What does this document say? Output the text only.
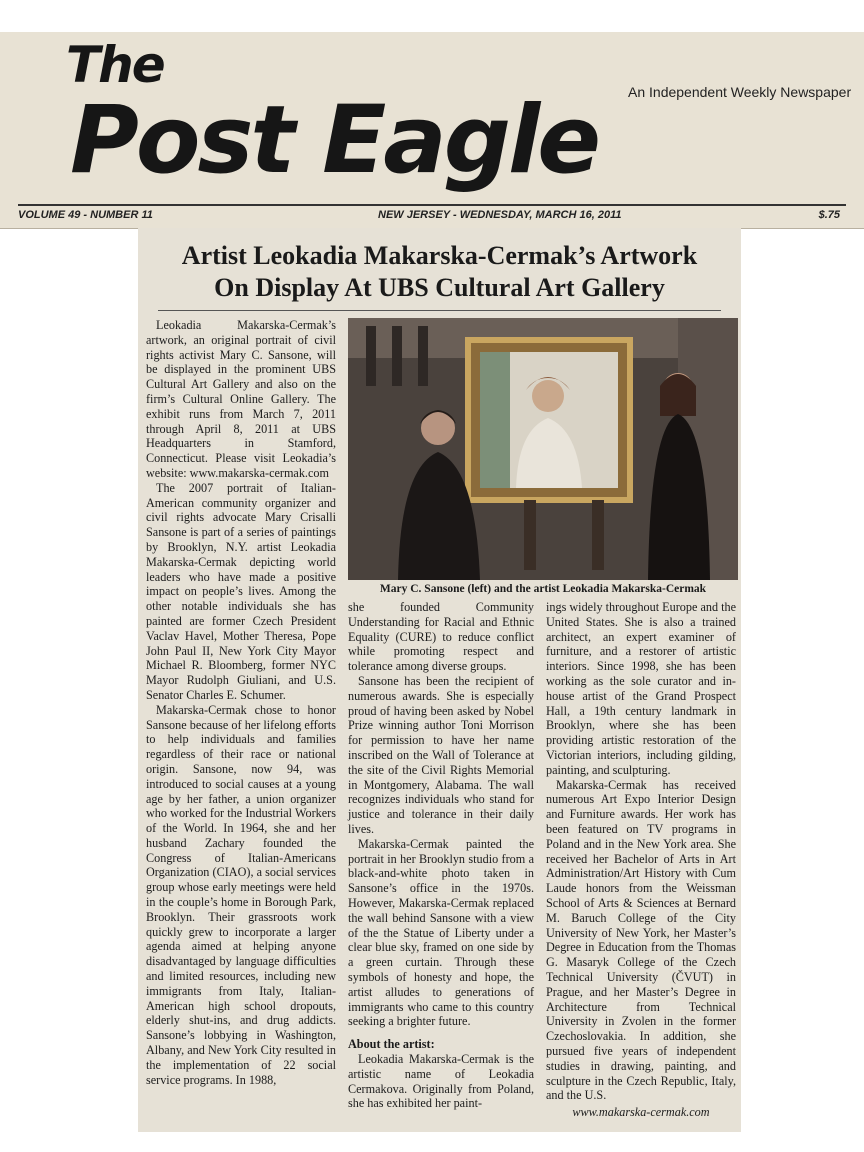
The
Post Eagle An Independent Weekly Newspaper
VOLUME 49 - NUMBER 11	NEW JERSEY - WEDNESDAY, MARCH 16, 2011	$.75
Artist Leokadia Makarska-Cermak’s Artwork
On Display At UBS Cultural Art Gallery

Leokadia Makarska-Cermak’s artwork, an original portrait of civil rights activist Mary C. Sansone, will be displayed in the prominent UBS Cultural Art Gallery and also on the firm’s Cultural Online Gallery. The exhibit runs from March 7, 2011 through April 8, 2011 at UBS Headquarters in Stamford, Connecticut. Please visit Leokadia’s website: www.makarska-cermak.com

The 2007 portrait of Italian-American community organizer and civil rights advocate Mary Crisalli Sansone is part of a series of paintings by Brooklyn, N.Y. artist Leokadia Makarska-Cermak depicting world leaders who have made a positive impact on people’s lives. Among the other notable individuals she has painted are former Czech President Vaclav Havel, Mother Theresa, Pope John Paul II, New York City Mayor Michael R. Bloomberg, former NYC Mayor Rudolph Giuliani, and U.S. Senator Charles E. Schumer.

Makarska-Cermak chose to honor Sansone because of her lifelong efforts to help individuals and families regardless of their race or national origin. Sansone, now 94, was introduced to social causes at a young age by her father, a union organizer who worked for the Industrial Workers of the World. In 1964, she and her husband Zachary founded the Congress of Italian-Americans Organization (CIAO), a social services group whose early meetings were held in the couple’s home in Borough Park, Brooklyn. Their grassroots work quickly grew to incorporate a larger agenda aimed at helping anyone disadvantaged by language difficulties and limited resources, including new immigrants from Italy, Italian-American high school dropouts, elderly shut-ins, and drug addicts. Sansone’s lobbying in Washington, Albany, and New York City resulted in the implementation of 22 social service programs. In 1988,

Mary C. Sansone (left) and the artist Leokadia Makarska-Cermak

she founded Community Understanding for Racial and Ethnic Equality (CURE) to reduce conflict while promoting respect and tolerance among diverse groups.

Sansone has been the recipient of numerous awards. She is especially proud of having been asked by Nobel Prize winning author Toni Morrison for permission to have her name inscribed on the Wall of Tolerance at the site of the Civil Rights Memorial in Montgomery, Alabama. The wall recognizes individuals who stand for justice and tolerance in their daily lives.

Makarska-Cermak painted the portrait in her Brooklyn studio from a black-and-white photo taken in Sansone’s office in the 1970s. However, Makarska-Cermak replaced the wall behind Sansone with a view of the the Statue of Liberty under a clear blue sky, framed on one side by a green curtain. Through these symbols of honesty and hope, the artist alludes to generations of immigrants who came to this country seeking a brighter future.

About the artist:

Leokadia Makarska-Cermak is the artistic name of Leokadia Cermakova. Originally from Poland, she has exhibited her paint-

ings widely throughout Europe and the United States. She is also a trained architect, an expert examiner of furniture, and a restorer of artistic interiors. Since 1998, she has been working as the sole curator and in-house artist of the Grand Prospect Hall, a 19th century landmark in Brooklyn, where she has been providing artistic restoration of the Victorian interiors, including gilding, painting, and sculpturing.

Makarska-Cermak has received numerous Art Expo Interior Design and Furniture awards. Her work has been featured on TV programs in Poland and in the New York area. She received her Bachelor of Arts in Art Administration/Art History with Cum Laude honors from the Weissman School of Arts & Sciences at Bernard M. Baruch College of the City University of New York, her Master’s Degree in Education from the Thomas G. Masaryk College of the Czech Technical University (ČVUT) in Prague, and her Master’s Degree in Architecture from Technical University in Zvolen in the former Czechoslovakia. In addition, she pursued five years of independent studies in drawing, painting, and sculpture in the Czech Republic, Italy, and the U.S.

www.makarska-cermak.com
